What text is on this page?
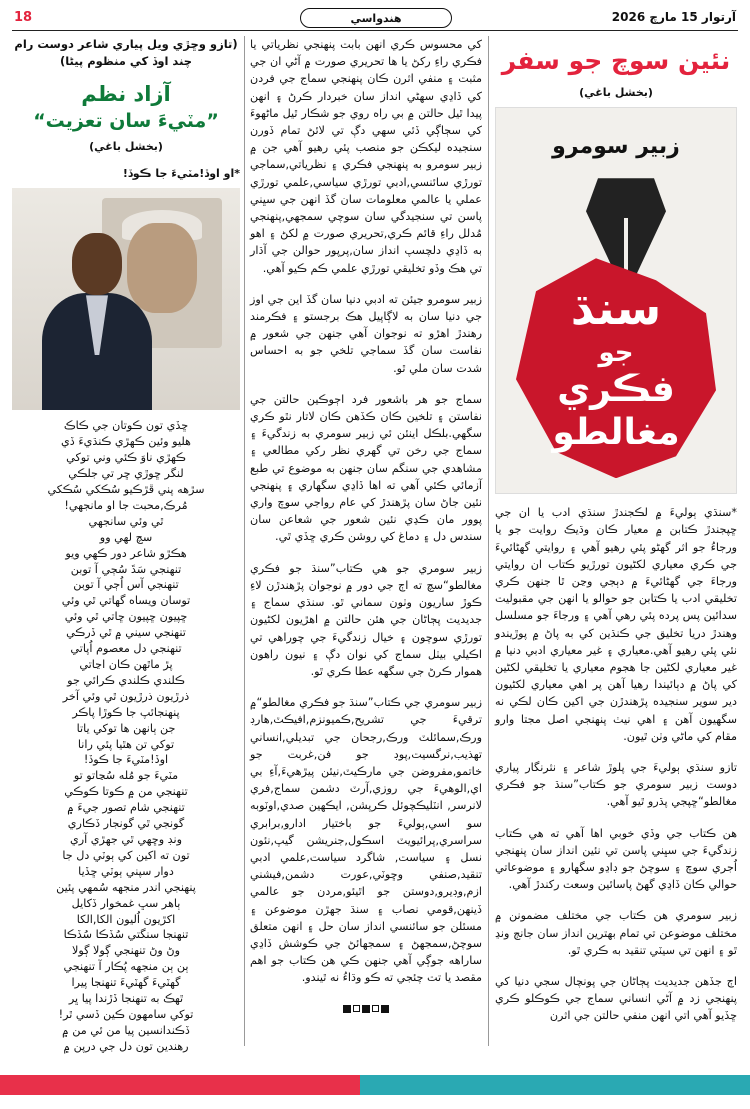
18	هندواسي	آرتوار 15 مارچ 2026
نئين سوچ جو سفر
(بخشل باغي)
زبير سومرو
سنڌ
جو
فڪري
مغالطو

*سنڌي ٻوليءَ ۾ لڪجندڙ سنڌي ادب يا ان جي ڇپجندڙ ڪتابن ۾ معيار ڪان وڌيڪ روايت جو يا ورجاءُ جو اثر گهڻو پئي رهيو آهي ۽ روايتي گهڻائيءَ جي ڪري معياري لکڻيون تورڙيو ڪتاب ان روايتي ورجاءَ جي گهڻائيءَ ۾ دٻجي وڃن ٿا جنهن ڪري تخليقي ادب يا ڪتابن جو حوالو يا انهن جي مقبوليت سدائين پس پرده پئي رهي آهي ۽ ورجاءَ جو مسلسل وهندڙ دريا تخليق جي ڪنڌين کي به پاڻ ۾ پوڙيندو نئي پئي رهيو آهي.معياري ۽ غير معياري ادبي دنيا ۾ غير معياري لکڻين جا هجوم معياري يا تخليقي لکڻين کي پاڻ ۾ دٻائيندا رهيا آهن پر اهي معياري لکڻيون دير سوير سنجيده پڙهندڙن جي اکين ڪان لڪي نه سگهيون آهن ۽ اهي نيٺ پنهنجي اصل مجتا وارو مقام کي ماڻي وٺن ٿيون.

تازو سنڌي ٻوليءَ جي پلوڙ شاعر ۽ نثرنگار پياري دوست زبير سومري جو ڪتاب”سنڌ جو فڪري مغالطو“ڇپجي پڌرو ٿيو آهي.

هن ڪتاب جي وڏي خوبي اها آهي ته هي ڪتاب زندگيءَ جي سڀني پاسن تي نئين انداز سان پنهنجي اُجري سوچ ۽ سوچڻ جو ڊاڍو سگهارو ۽ موضوعاتي حوالي ڪان ڏاڍي گهڻ پاسائين وسعت رکندڙ آهي.

زبير سومري هن ڪتاب جي مختلف مضمونن ۾ مختلف موضوعن تي تمام بهترين انداز سان جانڄ ونڍ ٿو ۽ انهن تي سيٽي تنقيد به ڪري ٿو.

اڄ جڏهن جديديت پڄاڻان جي پونچال سجي دنيا کي پنهنجي زد ۾ آڻي انساني سماج جي ڪوڪلو ڪري ڇڏيو آهي اتي انهن منفي حالتن جي اثرن

کي محسوس ڪري انهن بابت پنهنجي نظرياتي يا فڪري راءِ رکڻ يا ها تحريري صورت ۾ آڻي ان جي مثبت ۽ منفي اثرن ڪان پنهنجي سماج جي فردن کي ڏاڍي سهڻي انداز سان خبردار ڪرڻ ۽ انهن پيدا ٿيل حالتن ۾ بي راه روي جو شڪار ٿيل ماڻهوءَ کي سڄاڳي ڏئي سهي دڳ تي لائڻ تمام ڏورن سنجيده ليکڪن جو منصب پئي رهيو آهي جن ۾ زبير سومرو به پنهنجي فڪري ۽ نظرياتي,سماجي تورڙي سائنسي,ادبي تورڙي سياسي,علمي تورڙي عملي يا عالمي معلومات سان گڏ انهن جي سڀني پاسن تي سنجيدگي سان سوچي سمجهي,پنهنجي مُدلل راءِ قائم ڪري,تحريري صورت ۾ لکڻ ۽ اهو به ڏاڍي دلچسپ انداز سان,پرپور حوالن جي آڌار تي هڪ وڏو تخليقي تورڙي علمي ڪم ڪيو آهي.

زبير سومرو جيئن ته ادبي دنيا سان گڏ اين جي اوز جي دنيا سان به لاڳاپيل هڪ برجستو ۽ فڪرمند رهندڙ اهڙو ته نوجوان آهي جنهن جي شعور ۾ نفاست سان گڏ سماجي تلخي جو به احساس شدت سان ملي ٿو.

سماج جو هر باشعور فرد اڄوڪين حالتن جي نفاستن ۽ تلخين ڪان ڪڏهن ڪان لاتار نٿو ڪري سگهي.بلڪل اينئن ئي زبير سومري به زندگيءَ ۽ سماج جي رخن تي گهري نظر رکي مطالعي ۽ مشاهدي جي سنگم سان جنهن به موضوع تي طبع آزمائي ڪئي آهي ته اها ڏاڍي سگهاري ۽ پنهنجي نئين جاڻ سان پڙهندڙ کي عام رواجي سوچ واري پوور مان ڪڍي نئين شعور جي شعاعن سان سندس دل ۽ دماغ کي روشن ڪري ڇڏي ٿي.

زبير سومري جو هي ڪتاب”سنڌ جو فڪري مغالطو“سچ ته اڄ جي دور ۾ نوجوان پڙهندڙن لاءِ ڪوڙ ساريون وٺون سماني ٿو. سنڌي سماج ۽ جديديت پڄاڻان جي هئن حالتن ۾ اهڙيون لکڻيون تورڙي سوچون ۽ خيال زندگيءَ جي چوراهي تي اڪيلي بيٺل سماج کي نوان دڳ ۽ نيون راهون هموار ڪرڻ جي سگهه عطا ڪري ٿو.

زبير سومري جي ڪتاب”سنڌ جو فڪري مغالطو“۾ ترقيءَ جي تشريح,ڪميونزم,افيڪٽ,هارڊ ورڪ,سمائلٽ ورڪ,رجحان جي تبديلي,انساني تهذيب,نرگسيت,پوڊ جو فن,غربت جو خاتمو,مفروضن جي مارڪيٽ,نيئن پيڙهيءَ,آءِ بي اي,الوهيءَ جي روزي,آرٽ دشمن سماج,فري لانرسر, انٽليڪچوئل ڪرپشن, ايڪهين صدي,اوٽوبه سو اسي,ٻوليءَ جو باختيار ادارو,برابري سراسري,پرائيويٽ اسڪول,جنريشن گيپ,نئون نسل ۽ سياست, شاگرد سياست,علمي ادبي تنقيد,صنفي وڇوٽي,عورت دشمن,فيشني ازم,وڊيرو,دوستن جو اٿيئو,مردن جو عالمي ڏينهن,قومي نصاب ۽ سنڌ جهڙن موضوعن ۽ مسئلن جو سائنسي انداز سان حل ۽ انهن متعلق سوچڻ,سمجهڻ ۽ سمجهائڻ جي ڪوشش ڏاڍي ساراهه جوڳي آهي جنهن ڪي هن ڪتاب جو اهم مقصد يا تت چئجي ته ڪو وڌاءُ نه ٿيندو.

(تازو وڇڙي ويل پياري شاعر دوست رام چند اوڏ کي منظوم پيڻا)
آزاد نظم
”مٽيءَ سان تعزيت“
(بخشل باغي)
*او اوڏ!مٽيءَ جا ڪوڏ!
ڇڏي تون ڪوتان جي ڪاڪ
هليو وئين ڪهڙي ڪنڌيءَ ڏي
ڪهڙي ناوَ ڪئي وني توکي
لنگر ڇوڙي ڇر تي جلڪي
سڙهه پني ڦڙڪيو سُڪکي سُڪکي
مُرڪ,محبت جا او مانجهي!
ٿي وئي سانجهي
سچ لهي وو
هڪڙو شاعر دور ڪهي ويو
تنهنجي سَڌَ سُڄي آ توبن
تنهنجي آس اُڄي آ توبن
توسان ويساه گهاتي ٿي وئي
ڇپيون ڇپيون ڇاتي ٿي وئي
تنهنجي سيني ۾ ٿي ڏرڪي
تنهنجي دل معصوم اُپاتي
پڙ ماٿهن ڪان اڃاتي
ڪلندي ڪلندي ڪرائي جو
ذرڙيون ذرڙيون ٿي وئي آخر
پنهنجائپ جا ڪوڙا پاڪر
جن ٻانهن ها توکي ياتا
توکي تن هٿيا پئي رانا
اوڏ!مٽيءَ جا ڪوڏ!
مٽيءَ جو مُله سُڃاتو تو
تنهنجي من ۾ ڪوتا ڪوڪي
تنهنجي شام تصور جيءَ ۾
گونجي ٿي گونجار ڏڪاري
ونڊ وڇهي ٿي جهڙي آري
تون ته اکين کي ٻوٽي دل جا
دوار سپني ٻوٽي ڇڏيا
پنهنجي اندر منجهه سُمهي پئين
ٻاهر سڀ غمخوار ڏکايل
اکڙيون اُليون الکا,الکا
تنهنجا سنگتي سُڏڪا سُڏڪا
وڻ وڻ تنهنجي ڳولا ڳولا
ٻن ٻن منجهه پُڪار آ تنهنجي
گهٽيءَ گهٽيءَ تنهنجا پيرا
ٿهڪ به تنهنجا ڏڙندا پيا ڀر
توکي سامهون ڪين ڏسي ٿر!
ڏڪندانسين پيا من ئي من ۾
رهندين تون دل جي درپن ۾
